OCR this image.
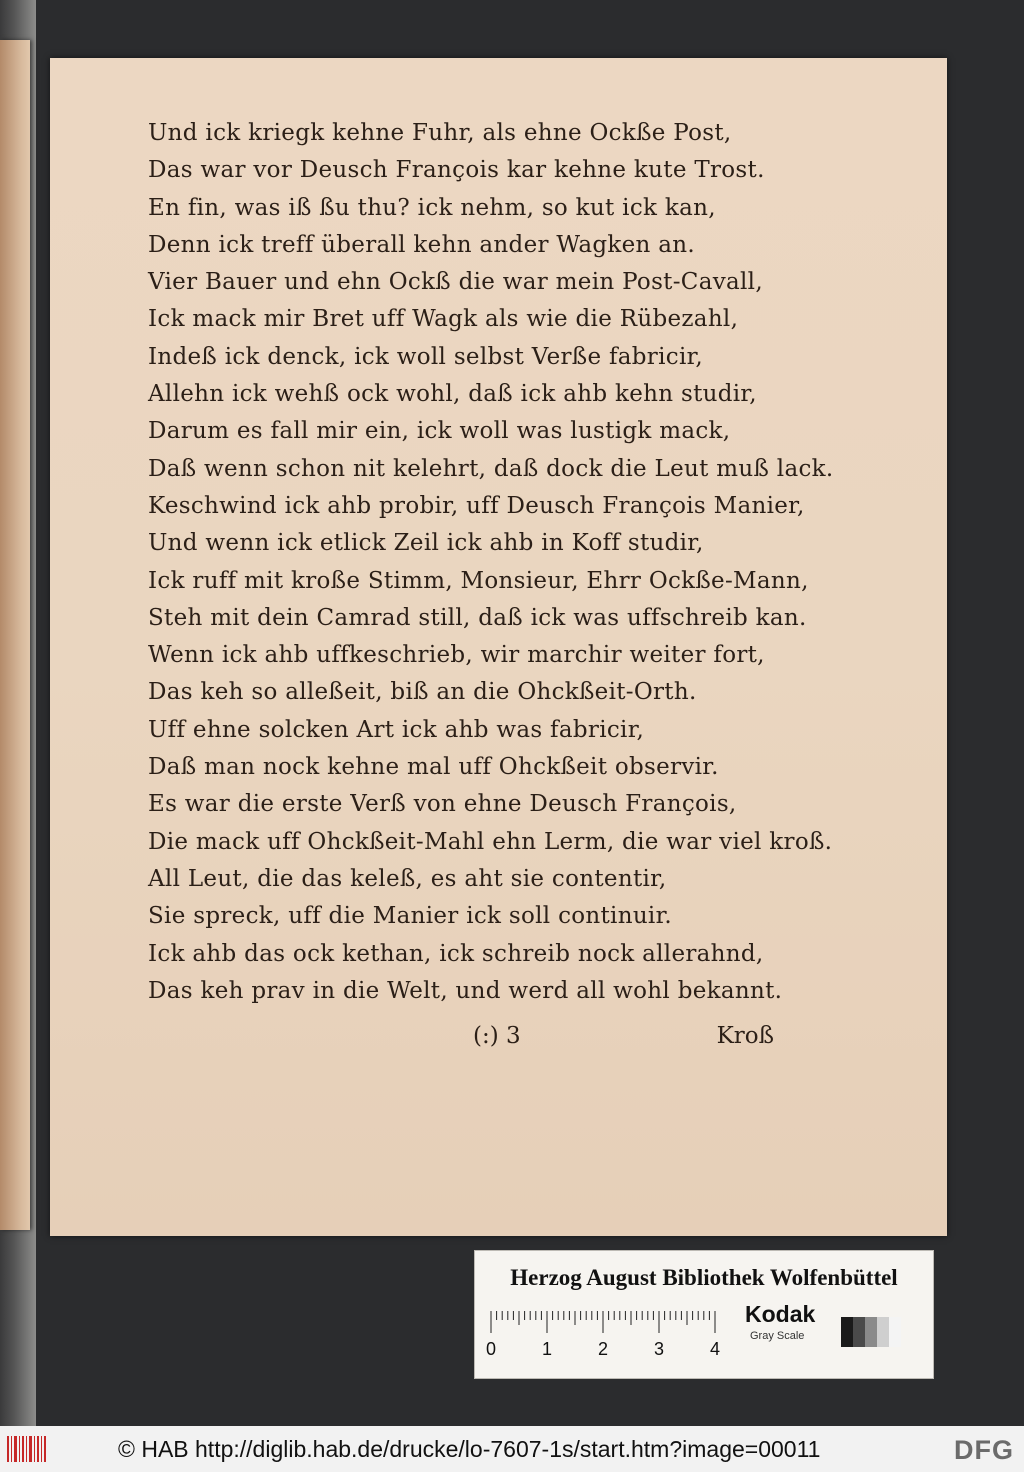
Und ick kriegk kehne Fuhr, als ehne Ockße Post,
Das war vor Deusch François kar kehne kute Trost.
En fin, was iß ßu thu? ick nehm, so kut ick kan,
Denn ick treff überall kehn ander Wagken an.
Vier Bauer und ehn Ockß die war mein Post-Cavall,
Ick mack mir Bret uff Wagk als wie die Rübezahl,
Indeß ick denck, ick woll selbst Verße fabricir,
Allehn ick wehß ock wohl, daß ick ahb kehn studir,
Darum es fall mir ein, ick woll was lustigk mack,
Daß wenn schon nit kelehrt, daß dock die Leut muß lack.
Keschwind ick ahb probir, uff Deusch François Manier,
Und wenn ick etlick Zeil ick ahb in Koff studir,
Ick ruff mit kroße Stimm, Monsieur, Ehrr Ockße-Mann,
Steh mit dein Camrad still, daß ick was uffschreib kan.
Wenn ick ahb uffkeschrieb, wir marchir weiter fort,
Das keh so alleßeit, biß an die Ohckßeit-Orth.
Uff ehne solcken Art ick ahb was fabricir,
Daß man nock kehne mal uff Ohckßeit observir.
Es war die erste Verß von ehne Deusch François,
Die mack uff Ohckßeit-Mahl ehn Lerm, die war viel kroß.
All Leut, die das keleß, es aht sie contentir,
Sie spreck, uff die Manier ick soll continuir.
Ick ahb das ock kethan, ick schreib nock allerahnd,
Das keh prav in die Welt, und werd all wohl bekannt.
(:) 3	Kroß
Herzog August Bibliothek Wolfenbüttel
0	1	2	3	4
Kodak
Gray Scale
© HAB http://diglib.hab.de/drucke/lo-7607-1s/start.htm?image=00011	DFG
